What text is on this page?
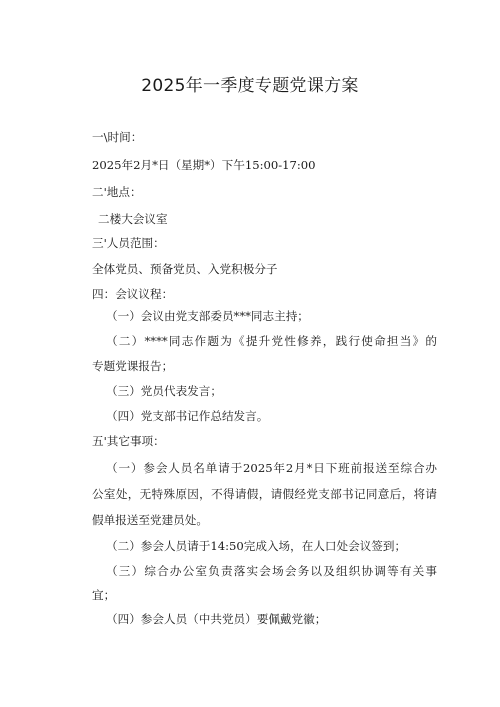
2025年一季度专题党课方案
一\时间：
2025年2月*日（星期*）下午15:00-17:00
二'地点：
二楼大会议室
三'人员范围：
全体党员、预备党员、入党积极分子
四：会议议程：
（一）会议由党支部委员***同志主持；
（二）****同志作题为《提升党性修养，践行使命担当》的
专题党课报告；
（三）党员代表发言；
（四）党支部书记作总结发言。
五'其它事项：
（一）参会人员名单请于2025年2月*日下班前报送至综合办
公室处，无特殊原因，不得请假，请假经党支部书记同意后，将请
假单报送至党建员处。
（二）参会人员请于14:50完成入场，在人口处会议签到；
（三）综合办公室负责落实会场会务以及组织协调等有关事
宜；
（四）参会人员（中共党员）要佩戴党徽；
